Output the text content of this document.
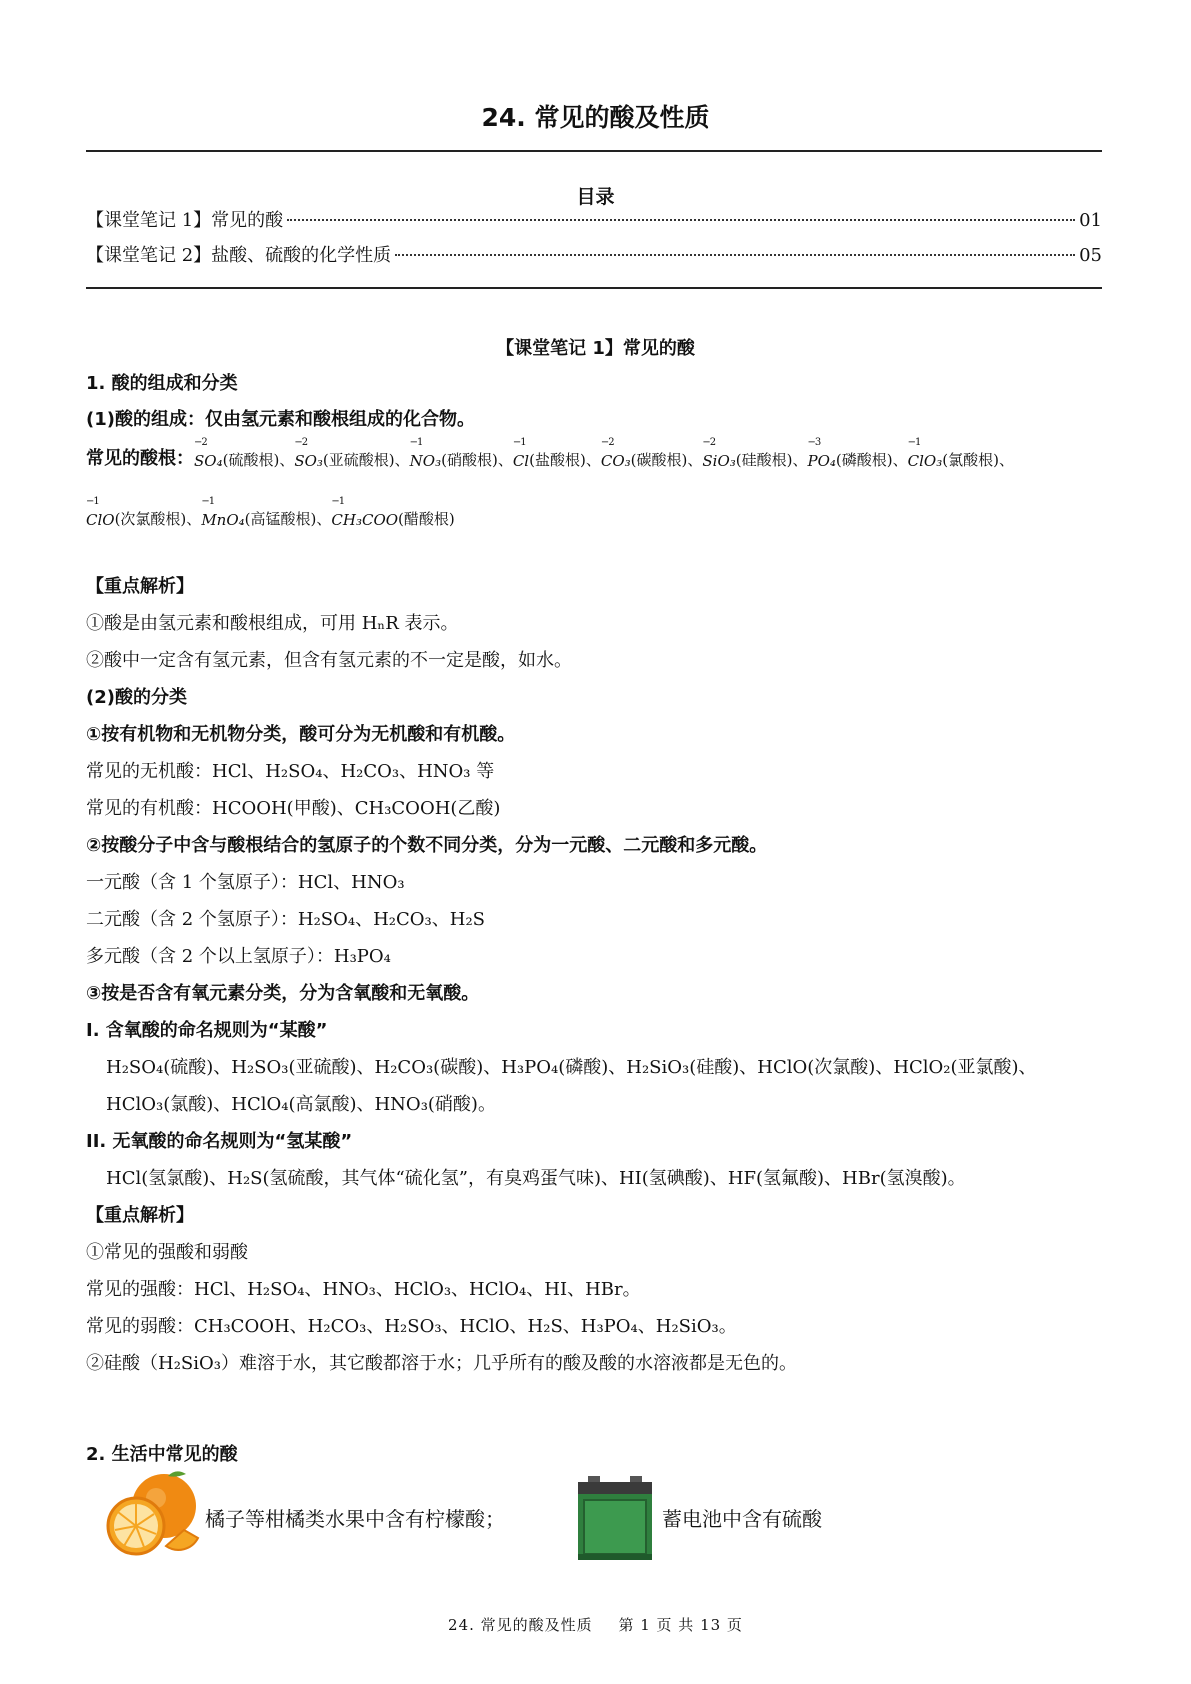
24. 常见的酸及性质
目录
【课堂笔记 1】常见的酸	01
【课堂笔记 2】盐酸、硫酸的化学性质	05
【课堂笔记 1】常见的酸
1. 酸的组成和分类
(1)酸的组成：仅由氢元素和酸根组成的化合物。
常见的酸根： SO₄
−2
(硫酸根) 、 SO₃
−2
(亚硫酸根) 、 NO₃
−1
(硝酸根) 、 Cl
−1
(盐酸根) 、 CO₃
−2
(碳酸根) 、 SiO₃
−2
(硅酸根) 、 PO₄
−3
(磷酸根) 、 ClO₃
−1
(氯酸根) 、
ClO
−1
(次氯酸根) 、 MnO₄
−1
(高锰酸根) 、 CH₃COO
−1
(醋酸根)
【重点解析】
①酸是由氢元素和酸根组成，可用 HₙR 表示。
②酸中一定含有氢元素，但含有氢元素的不一定是酸，如水。
(2)酸的分类
①按有机物和无机物分类，酸可分为无机酸和有机酸。
常见的无机酸：HCl、H₂SO₄、H₂CO₃、HNO₃ 等
常见的有机酸：HCOOH(甲酸)、CH₃COOH(乙酸)
②按酸分子中含与酸根结合的氢原子的个数不同分类，分为一元酸、二元酸和多元酸。
一元酸（含 1 个氢原子）：HCl、HNO₃
二元酸（含 2 个氢原子）：H₂SO₄、H₂CO₃、H₂S
多元酸（含 2 个以上氢原子）：H₃PO₄
③按是否含有氧元素分类，分为含氧酸和无氧酸。
I. 含氧酸的命名规则为“某酸”
H₂SO₄(硫酸)、H₂SO₃(亚硫酸)、H₂CO₃(碳酸)、H₃PO₄(磷酸)、H₂SiO₃(硅酸)、HClO(次氯酸)、HClO₂(亚氯酸)、
HClO₃(氯酸)、HClO₄(高氯酸)、HNO₃(硝酸)。
II. 无氧酸的命名规则为“氢某酸”
HCl(氢氯酸)、H₂S(氢硫酸，其气体“硫化氢”，有臭鸡蛋气味)、HI(氢碘酸)、HF(氢氟酸)、HBr(氢溴酸)。
【重点解析】
①常见的强酸和弱酸
常见的强酸：HCl、H₂SO₄、HNO₃、HClO₃、HClO₄、HI、HBr。
常见的弱酸：CH₃COOH、H₂CO₃、H₂SO₃、HClO、H₂S、H₃PO₄、H₂SiO₃。
②硅酸（H₂SiO₃）难溶于水，其它酸都溶于水；几乎所有的酸及酸的水溶液都是无色的。
2. 生活中常见的酸
橘子等柑橘类水果中含有柠檬酸；	蓄电池中含有硫酸
24. 常见的酸及性质 第 1 页 共 13 页
